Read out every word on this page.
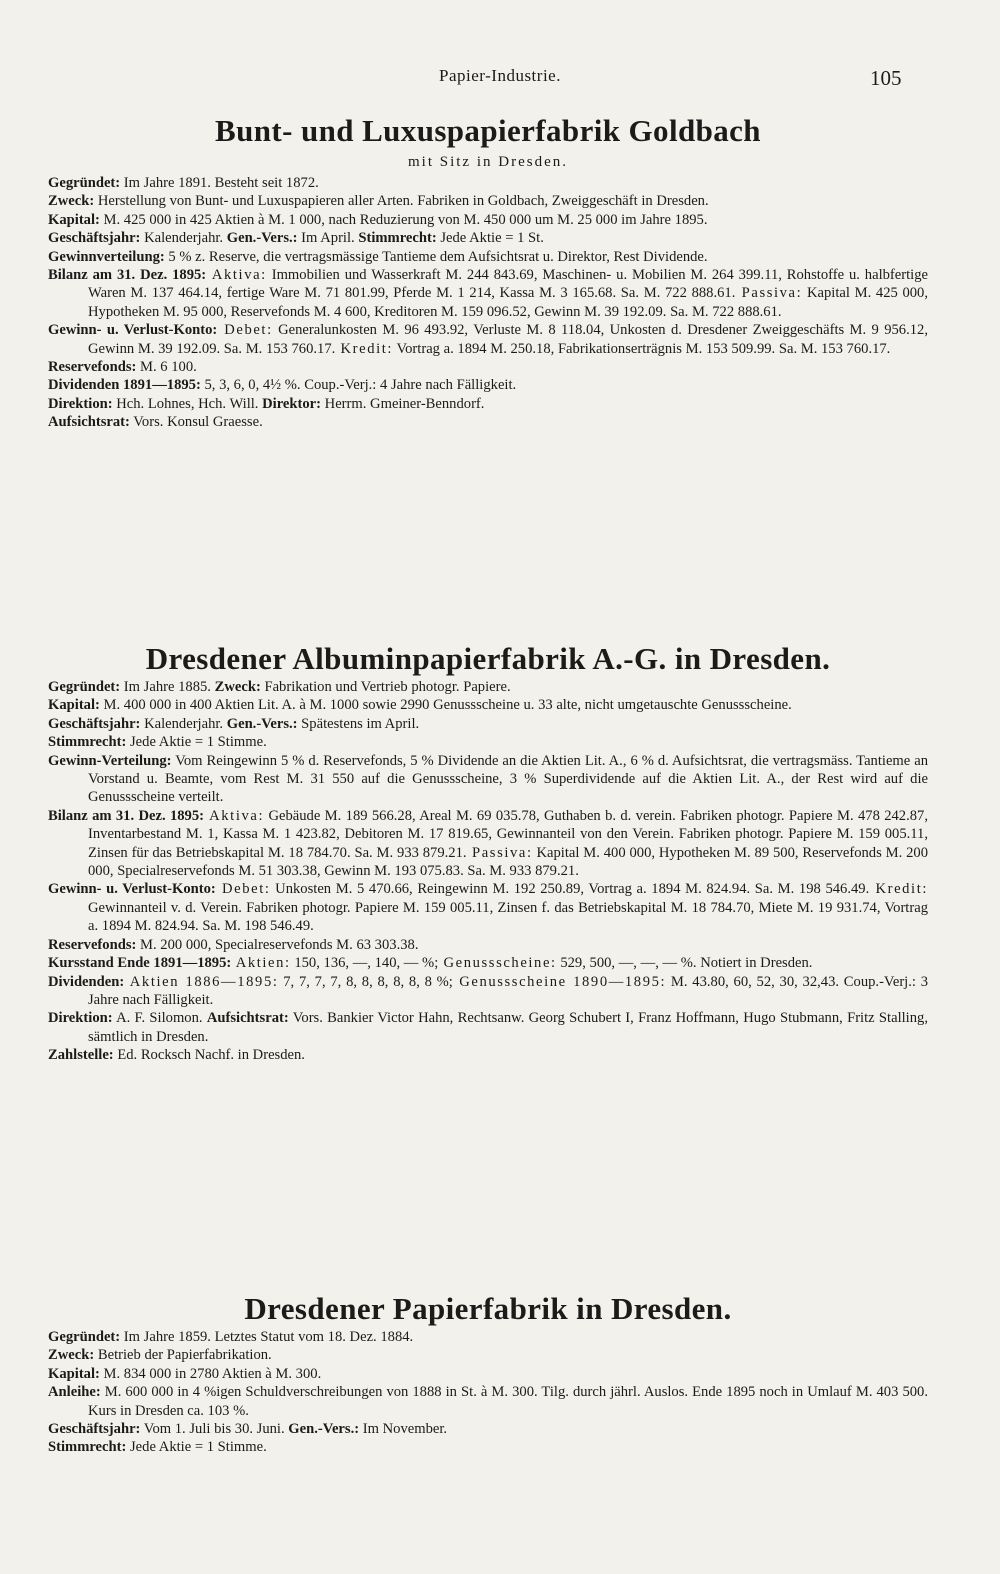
Papier-Industrie.	105
Bunt- und Luxuspapierfabrik Goldbach
mit Sitz in Dresden.

Gegründet: Im Jahre 1891. Besteht seit 1872.

Zweck: Herstellung von Bunt- und Luxuspapieren aller Arten. Fabriken in Goldbach, Zweiggeschäft in Dresden.

Kapital: M. 425 000 in 425 Aktien à M. 1 000, nach Reduzierung von M. 450 000 um M. 25 000 im Jahre 1895.

Geschäftsjahr: Kalenderjahr. Gen.-Vers.: Im April. Stimmrecht: Jede Aktie = 1 St.

Gewinnverteilung: 5 % z. Reserve, die vertragsmässige Tantieme dem Aufsichtsrat u. Direktor, Rest Dividende.

Bilanz am 31. Dez. 1895: Aktiva: Immobilien und Wasserkraft M. 244 843.69, Maschinen- u. Mobilien M. 264 399.11, Rohstoffe u. halbfertige Waren M. 137 464.14, fertige Ware M. 71 801.99, Pferde M. 1 214, Kassa M. 3 165.68. Sa. M. 722 888.61. Passiva: Kapital M. 425 000, Hypotheken M. 95 000, Reservefonds M. 4 600, Kreditoren M. 159 096.52, Gewinn M. 39 192.09. Sa. M. 722 888.61.

Gewinn- u. Verlust-Konto: Debet: Generalunkosten M. 96 493.92, Verluste M. 8 118.04, Unkosten d. Dresdener Zweiggeschäfts M. 9 956.12, Gewinn M. 39 192.09. Sa. M. 153 760.17. Kredit: Vortrag a. 1894 M. 250.18, Fabrikationserträgnis M. 153 509.99. Sa. M. 153 760.17.

Reservefonds: M. 6 100.

Dividenden 1891—1895: 5, 3, 6, 0, 4½ %. Coup.-Verj.: 4 Jahre nach Fälligkeit.

Direktion: Hch. Lohnes, Hch. Will. Direktor: Herrm. Gmeiner-Benndorf.

Aufsichtsrat: Vors. Konsul Graesse.

Dresdener Albuminpapierfabrik A.-G. in Dresden.

Gegründet: Im Jahre 1885. Zweck: Fabrikation und Vertrieb photogr. Papiere.

Kapital: M. 400 000 in 400 Aktien Lit. A. à M. 1000 sowie 2990 Genussscheine u. 33 alte, nicht umgetauschte Genussscheine.

Geschäftsjahr: Kalenderjahr. Gen.-Vers.: Spätestens im April.

Stimmrecht: Jede Aktie = 1 Stimme.

Gewinn-Verteilung: Vom Reingewinn 5 % d. Reservefonds, 5 % Dividende an die Aktien Lit. A., 6 % d. Aufsichtsrat, die vertragsmäss. Tantieme an Vorstand u. Beamte, vom Rest M. 31 550 auf die Genussscheine, 3 % Superdividende auf die Aktien Lit. A., der Rest wird auf die Genussscheine verteilt.

Bilanz am 31. Dez. 1895: Aktiva: Gebäude M. 189 566.28, Areal M. 69 035.78, Guthaben b. d. verein. Fabriken photogr. Papiere M. 478 242.87, Inventarbestand M. 1, Kassa M. 1 423.82, Debitoren M. 17 819.65, Gewinnanteil von den Verein. Fabriken photogr. Papiere M. 159 005.11, Zinsen für das Betriebskapital M. 18 784.70. Sa. M. 933 879.21. Passiva: Kapital M. 400 000, Hypotheken M. 89 500, Reservefonds M. 200 000, Specialreservefonds M. 51 303.38, Gewinn M. 193 075.83. Sa. M. 933 879.21.

Gewinn- u. Verlust-Konto: Debet: Unkosten M. 5 470.66, Reingewinn M. 192 250.89, Vortrag a. 1894 M. 824.94. Sa. M. 198 546.49. Kredit: Gewinnanteil v. d. Verein. Fabriken photogr. Papiere M. 159 005.11, Zinsen f. das Betriebskapital M. 18 784.70, Miete M. 19 931.74, Vortrag a. 1894 M. 824.94. Sa. M. 198 546.49.

Reservefonds: M. 200 000, Specialreservefonds M. 63 303.38.

Kursstand Ende 1891—1895: Aktien: 150, 136, —, 140, — %; Genussscheine: 529, 500, —, —, — %. Notiert in Dresden.

Dividenden: Aktien 1886—1895: 7, 7, 7, 7, 8, 8, 8, 8, 8, 8 %; Genussscheine 1890—1895: M. 43.80, 60, 52, 30, 32,43. Coup.-Verj.: 3 Jahre nach Fälligkeit.

Direktion: A. F. Silomon. Aufsichtsrat: Vors. Bankier Victor Hahn, Rechtsanw. Georg Schubert I, Franz Hoffmann, Hugo Stubmann, Fritz Stalling, sämtlich in Dresden.

Zahlstelle: Ed. Rocksch Nachf. in Dresden.

Dresdener Papierfabrik in Dresden.

Gegründet: Im Jahre 1859. Letztes Statut vom 18. Dez. 1884.

Zweck: Betrieb der Papierfabrikation.

Kapital: M. 834 000 in 2780 Aktien à M. 300.

Anleihe: M. 600 000 in 4 %igen Schuldverschreibungen von 1888 in St. à M. 300. Tilg. durch jährl. Auslos. Ende 1895 noch in Umlauf M. 403 500. Kurs in Dresden ca. 103 %.

Geschäftsjahr: Vom 1. Juli bis 30. Juni. Gen.-Vers.: Im November.

Stimmrecht: Jede Aktie = 1 Stimme.
